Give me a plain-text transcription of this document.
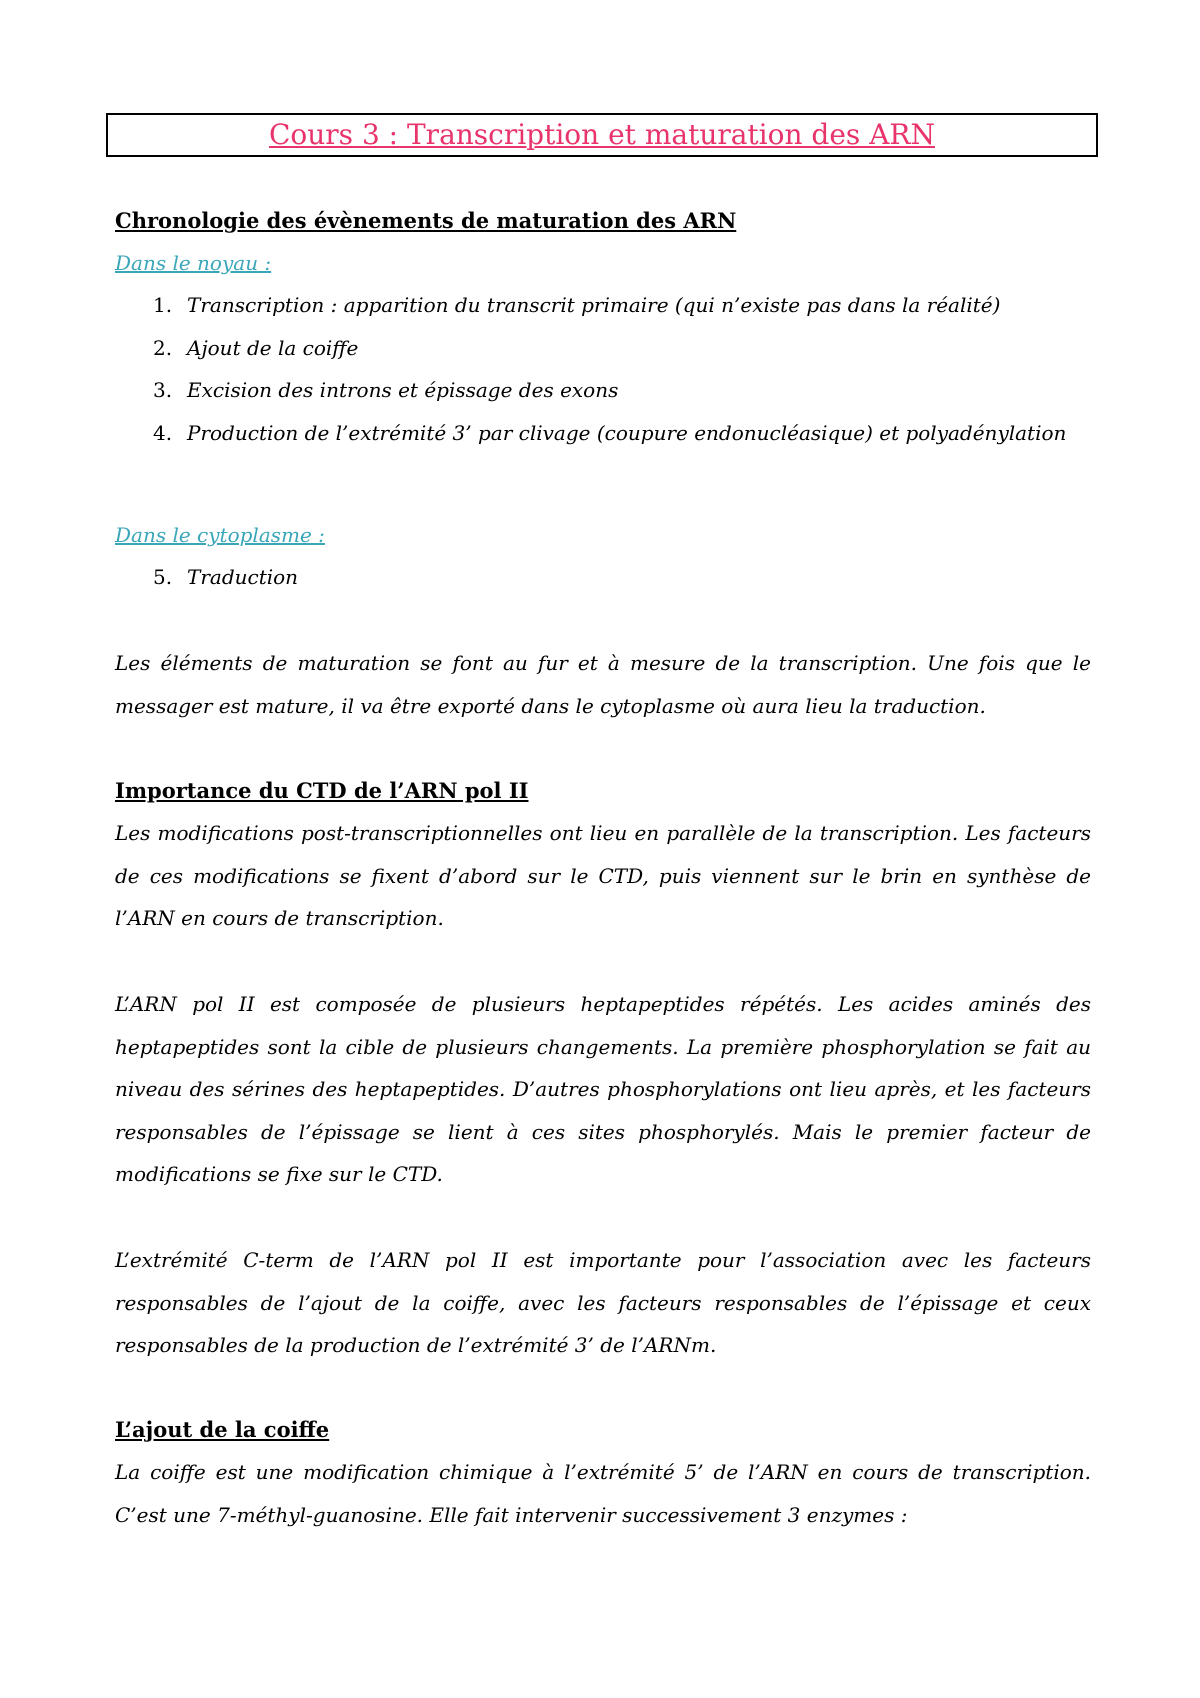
Cours 3 : Transcription et maturation des ARN

Chronologie des évènements de maturation des ARN

Dans le noyau :

1. Transcription : apparition du transcrit primaire (qui n’existe pas dans la réalité)
2. Ajout de la coiffe
3. Excision des introns et épissage des exons
4. Production de l’extrémité 3’ par clivage (coupure endonucléasique) et polyadénylation

Dans le cytoplasme :

5. Traduction

Les éléments de maturation se font au fur et à mesure de la transcription. Une fois que le messager est mature, il va être exporté dans le cytoplasme où aura lieu la traduction.

Importance du CTD de l’ARN pol II

Les modifications post-transcriptionnelles ont lieu en parallèle de la transcription. Les facteurs de ces modifications se fixent d’abord sur le CTD, puis viennent sur le brin en synthèse de l’ARN en cours de transcription.

L’ARN pol II est composée de plusieurs heptapeptides répétés. Les acides aminés des heptapeptides sont la cible de plusieurs changements. La première phosphorylation se fait au niveau des sérines des heptapeptides. D’autres phosphorylations ont lieu après, et les facteurs responsables de l’épissage se lient à ces sites phosphorylés. Mais le premier facteur de modifications se fixe sur le CTD.

L’extrémité C-term de l’ARN pol II est importante pour l’association avec les facteurs responsables de l’ajout de la coiffe, avec les facteurs responsables de l’épissage et ceux responsables de la production de l’extrémité 3’ de l’ARNm.

L’ajout de la coiffe

La coiffe est une modification chimique à l’extrémité 5’ de l’ARN en cours de transcription. C’est une 7-méthyl-guanosine. Elle fait intervenir successivement 3 enzymes :
